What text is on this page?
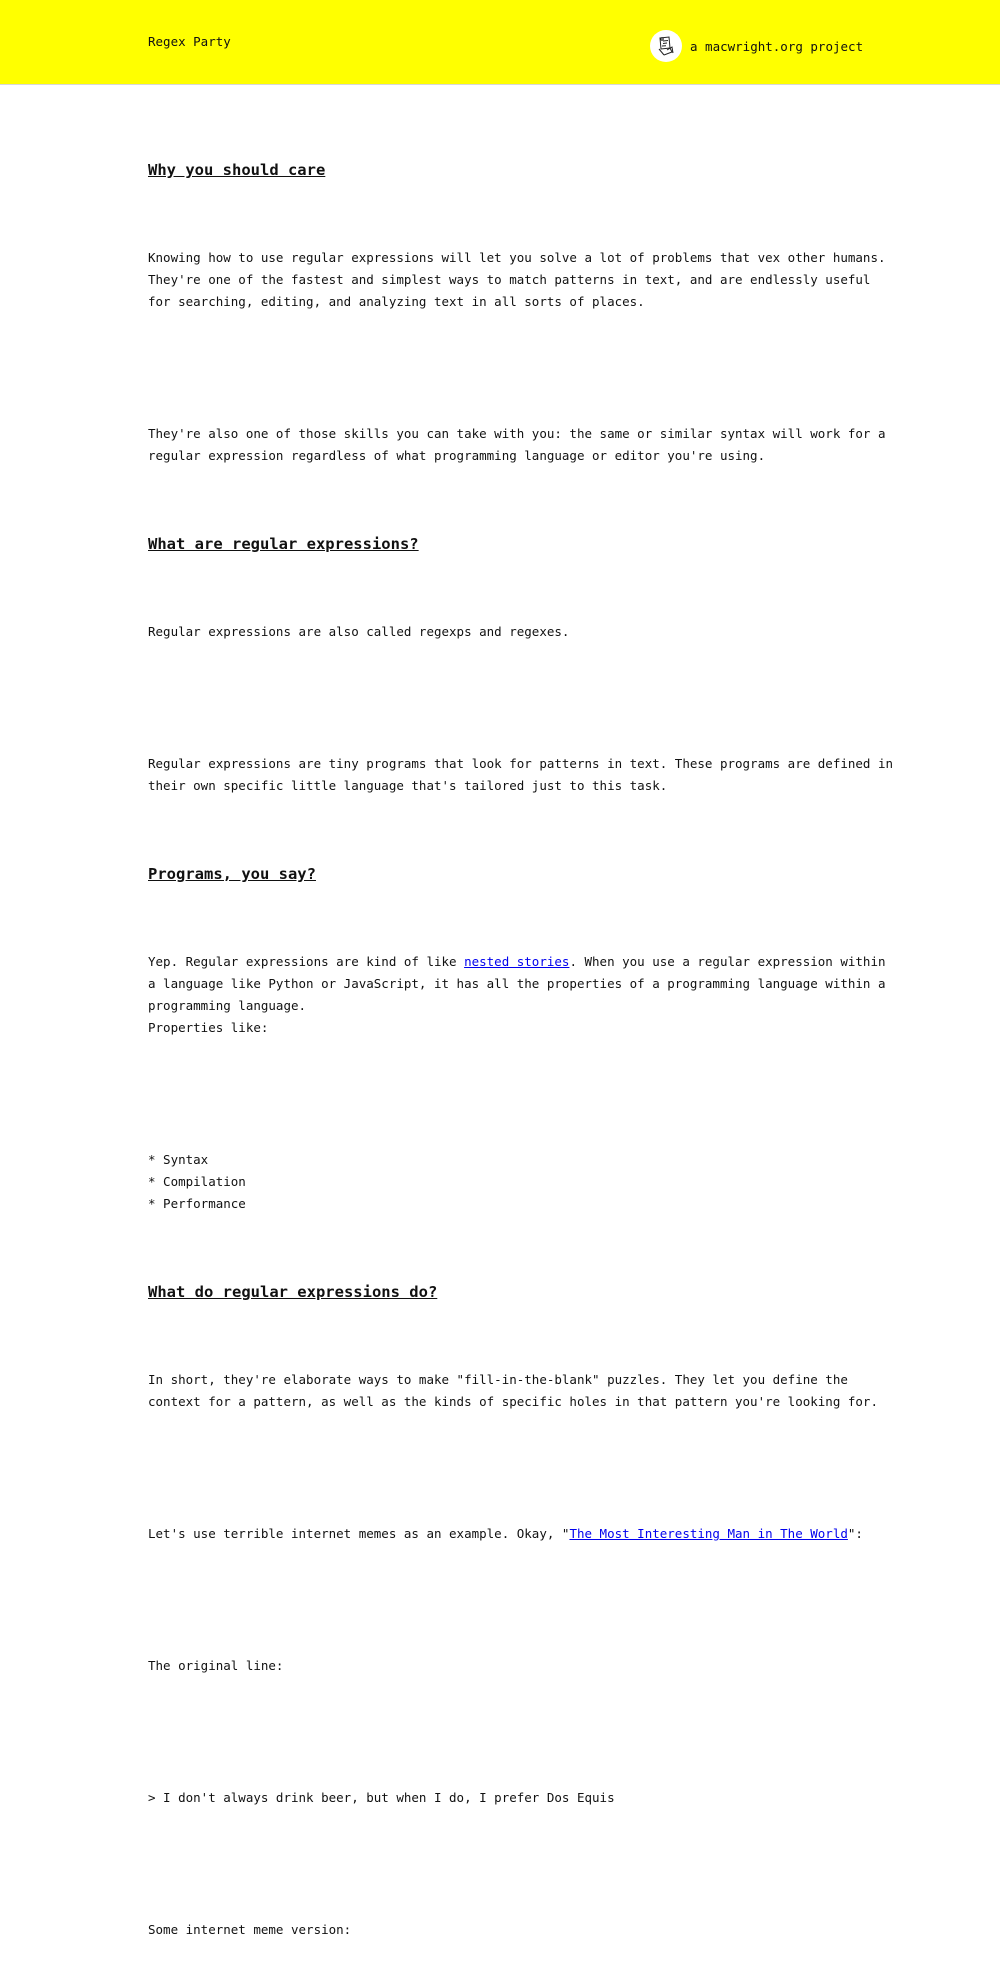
Regex Party	a macwright.org project
Why you should care

Knowing how to use regular expressions will let you solve a lot of problems that vex other humans.
They're one of the fastest and simplest ways to match patterns in text, and are endlessly useful
for searching, editing, and analyzing text in all sorts of places.

They're also one of those skills you can take with you: the same or similar syntax will work for a
regular expression regardless of what programming language or editor you're using.

What are regular expressions?

Regular expressions are also called regexps and regexes.

Regular expressions are tiny programs that look for patterns in text. These programs are defined in
their own specific little language that's tailored just to this task.

Programs, you say?

Yep. Regular expressions are kind of like nested stories. When you use a regular expression within
a language like Python or JavaScript, it has all the properties of a programming language within a
programming language.
Properties like:

* Syntax
* Compilation
* Performance

What do regular expressions do?

In short, they're elaborate ways to make "fill-in-the-blank" puzzles. They let you define the
context for a pattern, as well as the kinds of specific holes in that pattern you're looking for.

Let's use terrible internet memes as an example. Okay, "The Most Interesting Man in The World":

The original line:

> I don't always drink beer, but when I do, I prefer Dos Equis

Some internet meme version:
